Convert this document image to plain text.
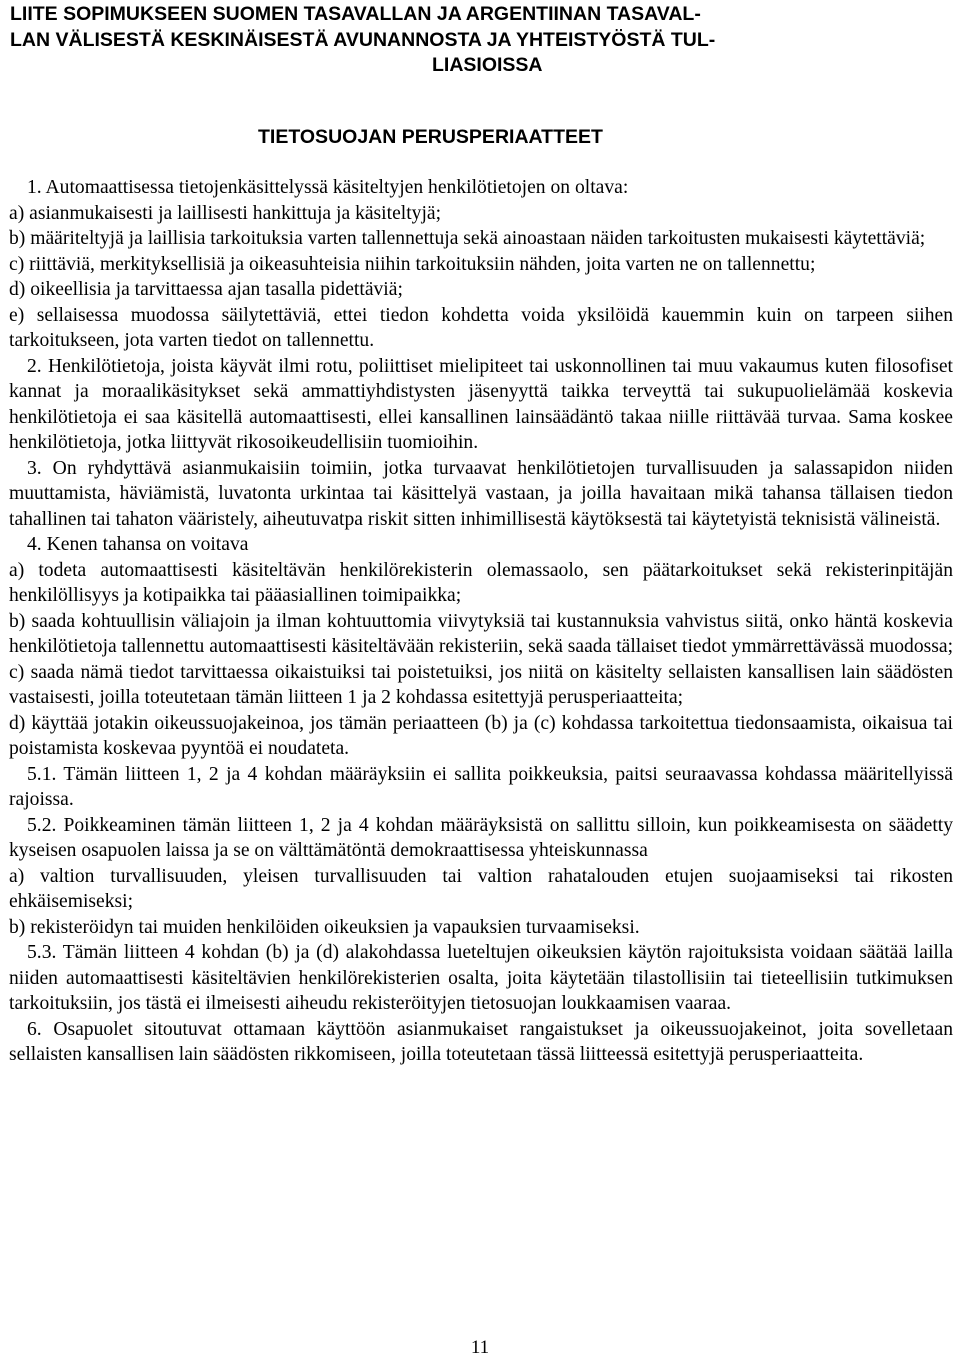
LIITE SOPIMUKSEEN SUOMEN TASAVALLAN JA ARGENTIINAN TASAVAL-
LAN VÄLISESTÄ KESKINÄISESTÄ AVUNANNOSTA JA YHTEISTYÖSTÄ TUL-
LIASIOISSA
TIETOSUOJAN PERUSPERIAATTEET

1. Automaattisessa tietojenkäsittelyssä käsiteltyjen henkilötietojen on oltava:

a) asianmukaisesti ja laillisesti hankittuja ja käsiteltyjä;

b) määriteltyjä ja laillisia tarkoituksia varten tallennettuja sekä ainoastaan näiden tarkoitusten mukaisesti käytettäviä;

c) riittäviä, merkityksellisiä ja oikeasuhteisia niihin tarkoituksiin nähden, joita varten ne on tallennettu;

d) oikeellisia ja tarvittaessa ajan tasalla pidettäviä;

e) sellaisessa muodossa säilytettäviä, ettei tiedon kohdetta voida yksilöidä kauemmin kuin on tarpeen siihen tarkoitukseen, jota varten tiedot on tallennettu.

2. Henkilötietoja, joista käyvät ilmi rotu, poliittiset mielipiteet tai uskonnollinen tai muu vakaumus kuten filosofiset kannat ja moraalikäsitykset sekä ammattiyhdistysten jäsenyyttä taikka terveyttä tai sukupuolielämää koskevia henkilötietoja ei saa käsitellä automaattisesti, ellei kansallinen lainsäädäntö takaa niille riittävää turvaa. Sama koskee henkilötietoja, jotka liittyvät rikosoikeudellisiin tuomioihin.

3. On ryhdyttävä asianmukaisiin toimiin, jotka turvaavat henkilötietojen turvallisuuden ja salassapidon niiden muuttamista, häviämistä, luvatonta urkintaa tai käsittelyä vastaan, ja joilla havaitaan mikä tahansa tällaisen tiedon tahallinen tai tahaton vääristely, aiheutuvatpa riskit sitten inhimillisestä käytöksestä tai käytetyistä teknisistä välineistä.

4. Kenen tahansa on voitava

a) todeta automaattisesti käsiteltävän henkilörekisterin olemassaolo, sen päätarkoitukset sekä rekisterinpitäjän henkilöllisyys ja kotipaikka tai pääasiallinen toimipaikka;

b) saada kohtuullisin väliajoin ja ilman kohtuuttomia viivytyksiä tai kustannuksia vahvistus siitä, onko häntä koskevia henkilötietoja tallennettu automaattisesti käsiteltävään rekisteriin, sekä saada tällaiset tiedot ymmärrettävässä muodossa;

c) saada nämä tiedot tarvittaessa oikaistuiksi tai poistetuiksi, jos niitä on käsitelty sellaisten kansallisen lain säädösten vastaisesti, joilla toteutetaan tämän liitteen 1 ja 2 kohdassa esitettyjä perusperiaatteita;

d) käyttää jotakin oikeussuojakeinoa, jos tämän periaatteen (b) ja (c) kohdassa tarkoitettua tiedonsaamista, oikaisua tai poistamista koskevaa pyyntöä ei noudateta.

5.1. Tämän liitteen 1, 2 ja 4 kohdan määräyksiin ei sallita poikkeuksia, paitsi seuraavassa kohdassa määritellyissä rajoissa.

5.2. Poikkeaminen tämän liitteen 1, 2 ja 4 kohdan määräyksistä on sallittu silloin, kun poikkeamisesta on säädetty kyseisen osapuolen laissa ja se on välttämätöntä demokraattisessa yhteiskunnassa

a) valtion turvallisuuden, yleisen turvallisuuden tai valtion rahatalouden etujen suojaamiseksi tai rikosten ehkäisemiseksi;

b) rekisteröidyn tai muiden henkilöiden oikeuksien ja vapauksien turvaamiseksi.

5.3. Tämän liitteen 4 kohdan (b) ja (d) alakohdassa lueteltujen oikeuksien käytön rajoituksista voidaan säätää lailla niiden automaattisesti käsiteltävien henkilörekisterien osalta, joita käytetään tilastollisiin tai tieteellisiin tutkimuksen tarkoituksiin, jos tästä ei ilmeisesti aiheudu rekisteröityjen tietosuojan loukkaamisen vaaraa.

6. Osapuolet sitoutuvat ottamaan käyttöön asianmukaiset rangaistukset ja oikeussuojakeinot, joita sovelletaan sellaisten kansallisen lain säädösten rikkomiseen, joilla toteutetaan tässä liitteessä esitettyjä perusperiaatteita.

11
